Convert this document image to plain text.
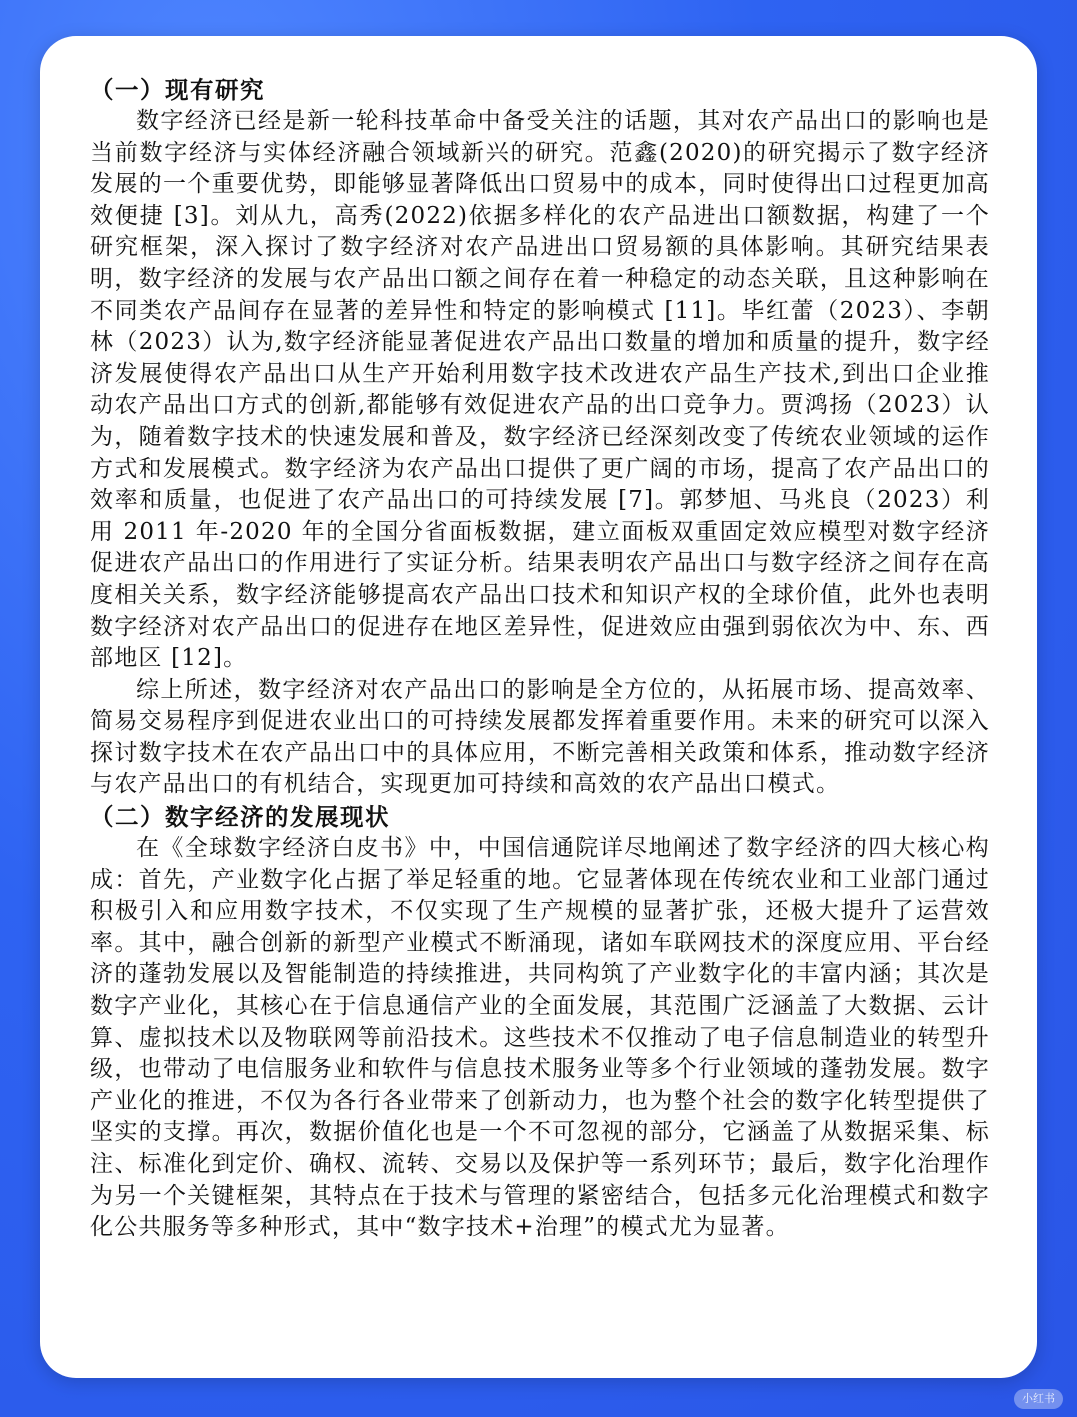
（一）现有研究

数字经济已经是新一轮科技革命中备受关注的话题，其对农产品出口的影响也是当前数字经济与实体经济融合领域新兴的研究。范鑫(2020)的研究揭示了数字经济发展的一个重要优势，即能够显著降低出口贸易中的成本，同时使得出口过程更加高效便捷 [3]。刘从九，高秀(2022)依据多样化的农产品进出口额数据，构建了一个研究框架，深入探讨了数字经济对农产品进出口贸易额的具体影响。其研究结果表明，数字经济的发展与农产品出口额之间存在着一种稳定的动态关联，且这种影响在不同类农产品间存在显著的差异性和特定的影响模式 [11]。毕红蕾（2023）、李朝林（2023）认为,数字经济能显著促进农产品出口数量的增加和质量的提升，数字经济发展使得农产品出口从生产开始利用数字技术改进农产品生产技术,到出口企业推动农产品出口方式的创新,都能够有效促进农产品的出口竞争力。贾鸿扬（2023）认为，随着数字技术的快速发展和普及，数字经济已经深刻改变了传统农业领域的运作方式和发展模式。数字经济为农产品出口提供了更广阔的市场，提高了农产品出口的效率和质量，也促进了农产品出口的可持续发展 [7]。郭梦旭、马兆良（2023）利用 2011 年-2020 年的全国分省面板数据，建立面板双重固定效应模型对数字经济促进农产品出口的作用进行了实证分析。结果表明农产品出口与数字经济之间存在高度相关关系，数字经济能够提高农产品出口技术和知识产权的全球价值，此外也表明数字经济对农产品出口的促进存在地区差异性，促进效应由强到弱依次为中、东、西部地区 [12]。

综上所述，数字经济对农产品出口的影响是全方位的，从拓展市场、提高效率、简易交易程序到促进农业出口的可持续发展都发挥着重要作用。未来的研究可以深入探讨数字技术在农产品出口中的具体应用，不断完善相关政策和体系，推动数字经济与农产品出口的有机结合，实现更加可持续和高效的农产品出口模式。

（二）数字经济的发展现状

在《全球数字经济白皮书》中，中国信通院详尽地阐述了数字经济的四大核心构成：首先，产业数字化占据了举足轻重的地。它显著体现在传统农业和工业部门通过积极引入和应用数字技术，不仅实现了生产规模的显著扩张，还极大提升了运营效率。其中，融合创新的新型产业模式不断涌现，诸如车联网技术的深度应用、平台经济的蓬勃发展以及智能制造的持续推进，共同构筑了产业数字化的丰富内涵；其次是数字产业化，其核心在于信息通信产业的全面发展，其范围广泛涵盖了大数据、云计算、虚拟技术以及物联网等前沿技术。这些技术不仅推动了电子信息制造业的转型升级，也带动了电信服务业和软件与信息技术服务业等多个行业领域的蓬勃发展。数字产业化的推进，不仅为各行各业带来了创新动力，也为整个社会的数字化转型提供了坚实的支撑。再次，数据价值化也是一个不可忽视的部分，它涵盖了从数据采集、标注、标准化到定价、确权、流转、交易以及保护等一系列环节；最后，数字化治理作为另一个关键框架，其特点在于技术与管理的紧密结合，包括多元化治理模式和数字化公共服务等多种形式，其中“数字技术+治理”的模式尤为显著。

小红书
